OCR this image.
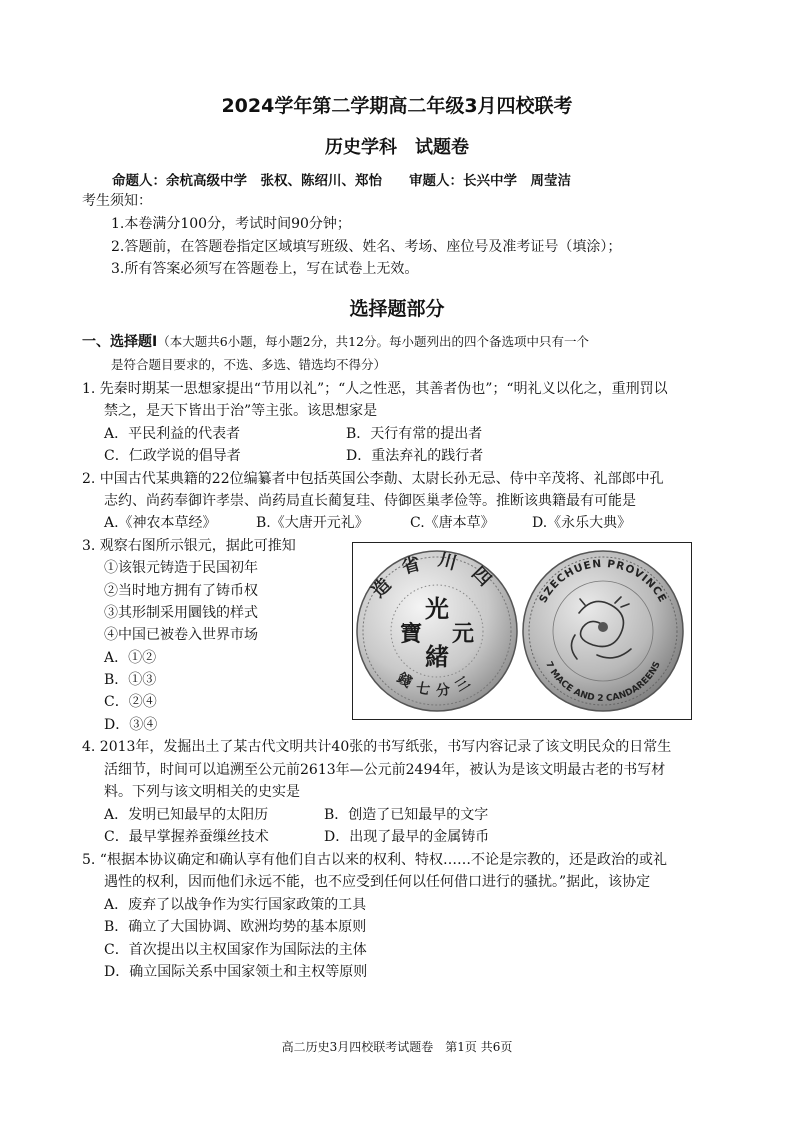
2024学年第二学期高二年级3月四校联考
历史学科　试题卷
命题人：余杭高级中学　张权、陈绍川、郑怡　　审题人：长兴中学　周莹洁
考生须知：
1.本卷满分100分，考试时间90分钟；
2.答题前，在答题卷指定区域填写班级、姓名、考场、座位号及准考证号（填涂）；
3.所有答案必须写在答题卷上，写在试卷上无效。
选择题部分
一、选择题Ⅰ（本大题共6小题，每小题2分，共12分。每小题列出的四个备选项中只有一个
是符合题目要求的，不选、多选、错选均不得分）
1. 先秦时期某一思想家提出“节用以礼”；“人之性恶，其善者伪也”；“明礼义以化之，重刑罚以
禁之，是天下皆出于治”等主张。该思想家是
A．平民利益的代表者	B．天行有常的提出者
C．仁政学说的倡导者	D．重法弃礼的践行者
2. 中国古代某典籍的22位编纂者中包括英国公李勣、太尉长孙无忌、侍中辛茂将、礼部郎中孔
志约、尚药奉御许孝崇、尚药局直长蔺复珪、侍御医巢孝俭等。推断该典籍最有可能是
A.《神农本草经》	B.《大唐开元礼》	C.《唐本草》	D.《永乐大典》
3. 观察右图所示银元，据此可推知
①该银元铸造于民国初年
②当时地方拥有了铸币权
③其形制采用圜钱的样式
④中国已被卷入世界市场
A．①②
B．①③
C．②④
D．③④
造省川四
錢七分三
光
緒
元
寶
SZECHUEN PROVINCE
7 MACE AND 2 CANDAREENS
4. 2013年，发掘出土了某古代文明共计40张的书写纸张，书写内容记录了该文明民众的日常生
活细节，时间可以追溯至公元前2613年—公元前2494年，被认为是该文明最古老的书写材
料。下列与该文明相关的史实是
A．发明已知最早的太阳历	B．创造了已知最早的文字
C．最早掌握养蚕缫丝技术	D．出现了最早的金属铸币
5. “根据本协议确定和确认享有他们自古以来的权利、特权……不论是宗教的，还是政治的或礼
遇性的权利，因而他们永远不能，也不应受到任何以任何借口进行的骚扰。”据此，该协定
A．废弃了以战争作为实行国家政策的工具
B．确立了大国协调、欧洲均势的基本原则
C．首次提出以主权国家作为国际法的主体
D．确立国际关系中国家领土和主权等原则
高二历史3月四校联考试题卷　第1页 共6页
